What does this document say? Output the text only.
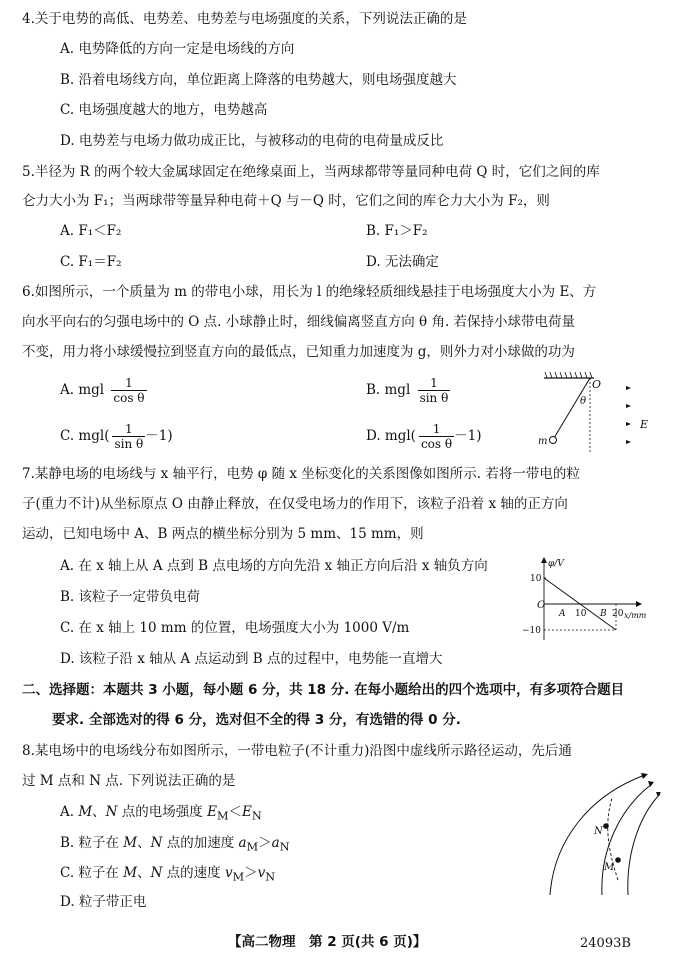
4.关于电势的高低、电势差、电势差与电场强度的关系，下列说法正确的是
A. 电势降低的方向一定是电场线的方向
B. 沿着电场线方向，单位距离上降落的电势越大，则电场强度越大
C. 电场强度越大的地方，电势越高
D. 电势差与电场力做功成正比，与被移动的电荷的电荷量成反比
5.半径为 R 的两个较大金属球固定在绝缘桌面上，当两球都带等量同种电荷 Q 时，它们之间的库
仑力大小为 F₁；当两球带等量异种电荷＋Q 与－Q 时，它们之间的库仑力大小为 F₂，则
A. F₁＜F₂	B. F₁＞F₂
C. F₁＝F₂	D. 无法确定
6.如图所示，一个质量为 m 的带电小球，用长为 l 的绝缘轻质细线悬挂于电场强度大小为 E、方
向水平向右的匀强电场中的 O 点. 小球静止时，细线偏离竖直方向 θ 角. 若保持小球带电荷量
不变，用力将小球缓慢拉到竖直方向的最低点，已知重力加速度为 g，则外力对小球做的功为
A. mgl $\frac{1}{\text{cos θ}}$	B. mgl $\frac{1}{\text{sin θ}}$
C. $mgl( \frac{1}{\text{sin θ}} -1)$	D. $mgl( \frac{1}{\text{cos θ}} -1)$
O
θ
m
E
7.某静电场的电场线与 x 轴平行，电势 φ 随 x 坐标变化的关系图像如图所示. 若将一带电的粒
子(重力不计)从坐标原点 O 由静止释放，在仅受电场力的作用下，该粒子沿着 x 轴的正方向
运动，已知电场中 A、B 两点的横坐标分别为 5 mm、15 mm，则
A. 在 x 轴上从 A 点到 B 点电场的方向先沿 x 轴正方向后沿 x 轴负方向
B. 该粒子一定带负电荷
C. 在 x 轴上 10 mm 的位置，电场强度大小为 1000 V/m
D. 该粒子沿 x 轴从 A 点运动到 B 点的过程中，电势能一直增大
φ/V
x/mm
O
10
−10
10	20
A	B
二、选择题：本题共 3 小题，每小题 6 分，共 18 分. 在每小题给出的四个选项中，有多项符合题目
要求. 全部选对的得 6 分，选对但不全的得 3 分，有选错的得 0 分.
8.某电场中的电场线分布如图所示，一带电粒子(不计重力)沿图中虚线所示路径运动，先后通
过 M 点和 N 点. 下列说法正确的是
A. M、N 点的电场强度 $E_M<E_N$
B. 粒子在 M、N 点的加速度 $a_M>a_N$
C. 粒子在 M、N 点的速度 $v_M>v_N$
D. 粒子带正电
N
M
【高二物理　第 2 页(共 6 页)】	24093B
